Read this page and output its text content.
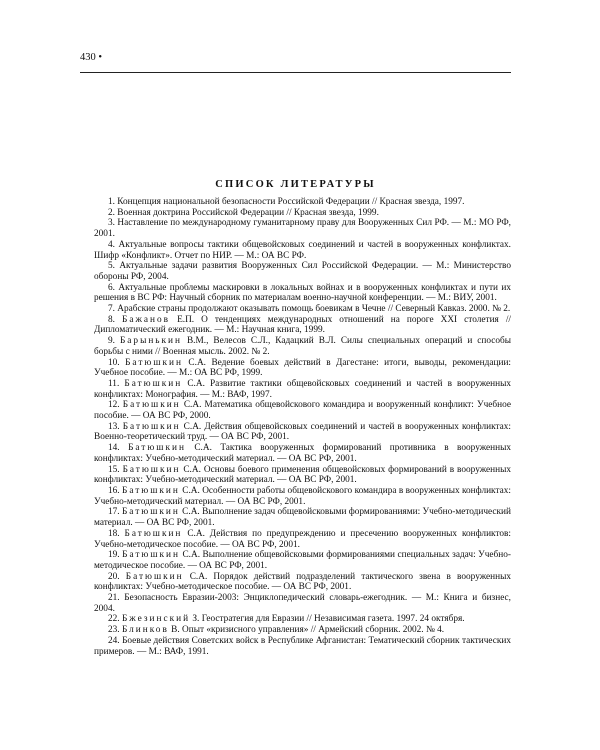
430 •
СПИСОК ЛИТЕРАТУРЫ

1. Концепция национальной безопасности Российской Федерации // Красная звезда, 1997.

2. Военная доктрина Российской Федерации // Красная звезда, 1999.

3. Наставление по международному гуманитарному праву для Вооруженных Сил РФ. — М.: МО РФ, 2001.

4. Актуальные вопросы тактики общевойсковых соединений и частей в вооруженных конфликтах. Шифр «Конфликт». Отчет по НИР. — М.: ОА ВС РФ.

5. Актуальные задачи развития Вооруженных Сил Российской Федерации. — М.: Министерство обороны РФ, 2004.

6. Актуальные проблемы маскировки в локальных войнах и в вооруженных конфликтах и пути их решения в ВС РФ: Научный сборник по материалам военно-научной конференции. — М.: ВИУ, 2001.

7. Арабские страны продолжают оказывать помощь боевикам в Чечне // Северный Кавказ. 2000. № 2.

8. Бажанов Е.П. О тенденциях международных отношений на пороге XXI столетия // Дипломатический ежегодник. — М.: Научная книга, 1999.

9. Барынькин В.М., Велесов С.Л., Кадацкий В.Л. Силы специальных операций и способы борьбы с ними // Военная мысль. 2002. № 2.

10. Батюшкин С.А. Ведение боевых действий в Дагестане: итоги, выводы, рекомендации: Учебное пособие. — М.: ОА ВС РФ, 1999.

11. Батюшкин С.А. Развитие тактики общевойсковых соединений и частей в вооруженных конфликтах: Монография. — М.: ВАФ, 1997.

12. Батюшкин С.А. Математика общевойскового командира и вооруженный конфликт: Учебное пособие. — ОА ВС РФ, 2000.

13. Батюшкин С.А. Действия общевойсковых соединений и частей в вооруженных конфликтах: Военно-теоретический труд. — ОА ВС РФ, 2001.

14. Батюшкин С.А. Тактика вооруженных формирований противника в вооруженных конфликтах: Учебно-методический материал. — ОА ВС РФ, 2001.

15. Батюшкин С.А. Основы боевого применения общевойсковых формирований в вооруженных конфликтах: Учебно-методический материал. — ОА ВС РФ, 2001.

16. Батюшкин С.А. Особенности работы общевойскового командира в вооруженных конфликтах: Учебно-методический материал. — ОА ВС РФ, 2001.

17. Батюшкин С.А. Выполнение задач общевойсковыми формированиями: Учебно-методический материал. — ОА ВС РФ, 2001.

18. Батюшкин С.А. Действия по предупреждению и пресечению вооруженных конфликтов: Учебно-методическое пособие. — ОА ВС РФ, 2001.

19. Батюшкин С.А. Выполнение общевойсковыми формированиями специальных задач: Учебно-методическое пособие. — ОА ВС РФ, 2001.

20. Батюшкин С.А. Порядок действий подразделений тактического звена в вооруженных конфликтах: Учебно-методическое пособие. — ОА ВС РФ, 2001.

21. Безопасность Евразии-2003: Энциклопедический словарь-ежегодник. — М.: Книга и бизнес, 2004.

22. Бжезинский З. Геостратегия для Евразии // Независимая газета. 1997. 24 октября.

23. Блинков В. Опыт «кризисного управления» // Армейский сборник. 2002. № 4.

24. Боевые действия Советских войск в Республике Афганистан: Тематический сборник тактических примеров. — М.: ВАФ, 1991.
